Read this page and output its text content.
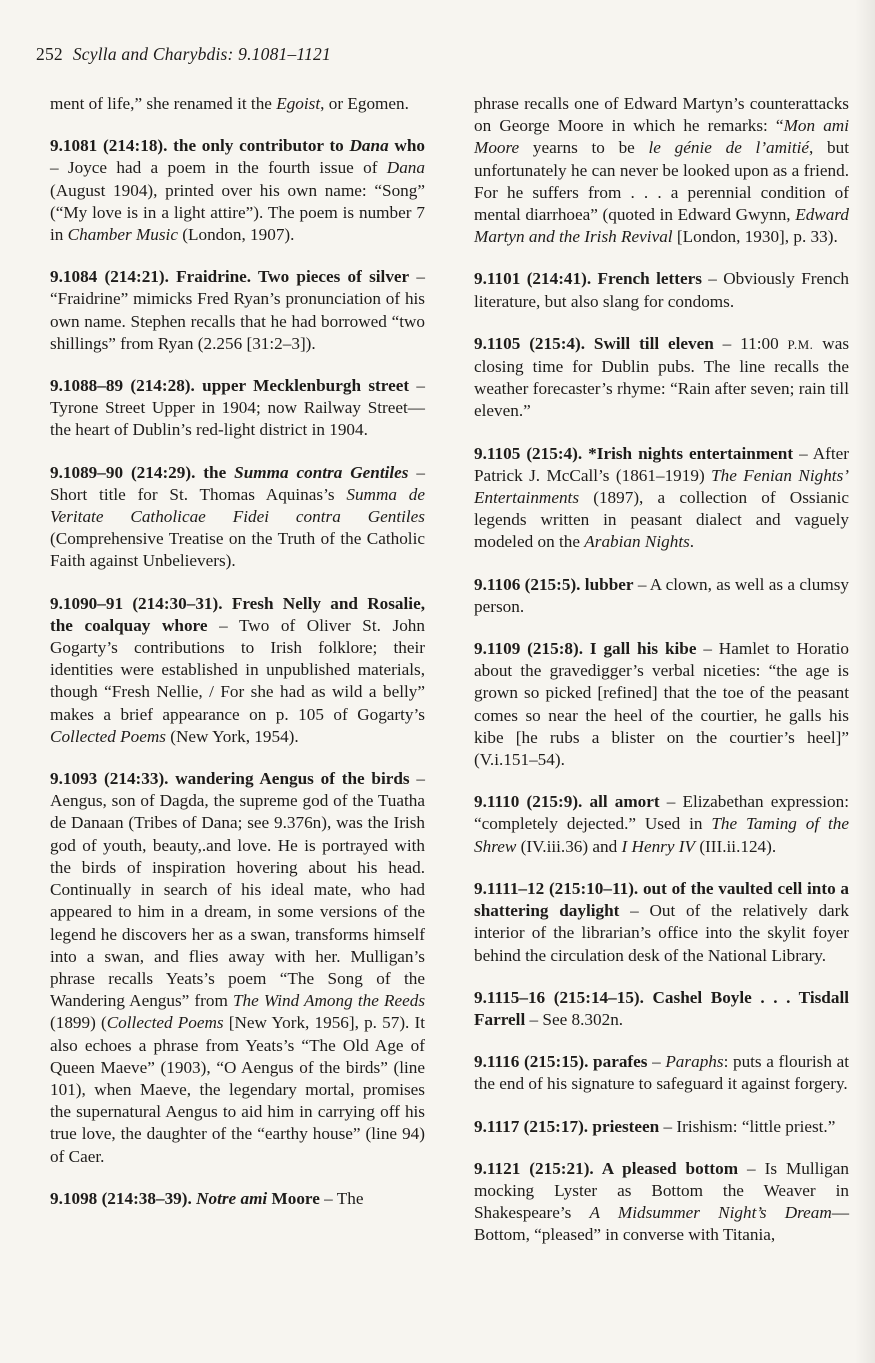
252 Scylla and Charybdis: 9.1081–1121

ment of life,” she renamed it the Egoist, or Egomen.

9.1081 (214:18). the only contributor to Dana who – Joyce had a poem in the fourth issue of Dana (August 1904), printed over his own name: “Song” (“My love is in a light attire”). The poem is number 7 in Chamber Music (London, 1907).

9.1084 (214:21). Fraidrine. Two pieces of silver – “Fraidrine” mimicks Fred Ryan’s pronunciation of his own name. Stephen recalls that he had borrowed “two shillings” from Ryan (2.256 [31:2–3]).

9.1088–89 (214:28). upper Mecklenburgh street – Tyrone Street Upper in 1904; now Railway Street—the heart of Dublin’s red-light district in 1904.

9.1089–90 (214:29). the Summa contra Gentiles – Short title for St. Thomas Aquinas’s Summa de Veritate Catholicae Fidei contra Gentiles (Comprehensive Treatise on the Truth of the Catholic Faith against Unbelievers).

9.1090–91 (214:30–31). Fresh Nelly and Rosalie, the coalquay whore – Two of Oliver St. John Gogarty’s contributions to Irish folklore; their identities were established in unpublished materials, though “Fresh Nellie, / For she had as wild a belly” makes a brief appearance on p. 105 of Gogarty’s Collected Poems (New York, 1954).

9.1093 (214:33). wandering Aengus of the birds – Aengus, son of Dagda, the supreme god of the Tuatha de Danaan (Tribes of Dana; see 9.376n), was the Irish god of youth, beauty,.and love. He is portrayed with the birds of inspiration hovering about his head. Continually in search of his ideal mate, who had appeared to him in a dream, in some versions of the legend he discovers her as a swan, transforms himself into a swan, and flies away with her. Mulligan’s phrase recalls Yeats’s poem “The Song of the Wandering Aengus” from The Wind Among the Reeds (1899) (Collected Poems [New York, 1956], p. 57). It also echoes a phrase from Yeats’s “The Old Age of Queen Maeve” (1903), “O Aengus of the birds” (line 101), when Maeve, the legendary mortal, promises the supernatural Aengus to aid him in carrying off his true love, the daughter of the “earthy house” (line 94) of Caer.

9.1098 (214:38–39). Notre ami Moore – The

phrase recalls one of Edward Martyn’s counterattacks on George Moore in which he remarks: “Mon ami Moore yearns to be le génie de l’amitié, but unfortunately he can never be looked upon as a friend. For he suffers from . . . a perennial condition of mental diarrhoea” (quoted in Edward Gwynn, Edward Martyn and the Irish Revival [London, 1930], p. 33).

9.1101 (214:41). French letters – Obviously French literature, but also slang for condoms.

9.1105 (215:4). Swill till eleven – 11:00 P.M. was closing time for Dublin pubs. The line recalls the weather forecaster’s rhyme: “Rain after seven; rain till eleven.”

9.1105 (215:4). *Irish nights entertainment – After Patrick J. McCall’s (1861–1919) The Fenian Nights’ Entertainments (1897), a collection of Ossianic legends written in peasant dialect and vaguely modeled on the Arabian Nights.

9.1106 (215:5). lubber – A clown, as well as a clumsy person.

9.1109 (215:8). I gall his kibe – Hamlet to Horatio about the gravedigger’s verbal niceties: “the age is grown so picked [refined] that the toe of the peasant comes so near the heel of the courtier, he galls his kibe [he rubs a blister on the courtier’s heel]” (V.i.151–54).

9.1110 (215:9). all amort – Elizabethan expression: “completely dejected.” Used in The Taming of the Shrew (IV.iii.36) and I Henry IV (III.ii.124).

9.1111–12 (215:10–11). out of the vaulted cell into a shattering daylight – Out of the relatively dark interior of the librarian’s office into the skylit foyer behind the circulation desk of the National Library.

9.1115–16 (215:14–15). Cashel Boyle . . . Tisdall Farrell – See 8.302n.

9.1116 (215:15). parafes – Paraphs: puts a flourish at the end of his signature to safeguard it against forgery.

9.1117 (215:17). priesteen – Irishism: “little priest.”

9.1121 (215:21). A pleased bottom – Is Mulligan mocking Lyster as Bottom the Weaver in Shakespeare’s A Midsummer Night’s Dream—Bottom, “pleased” in converse with Titania,
